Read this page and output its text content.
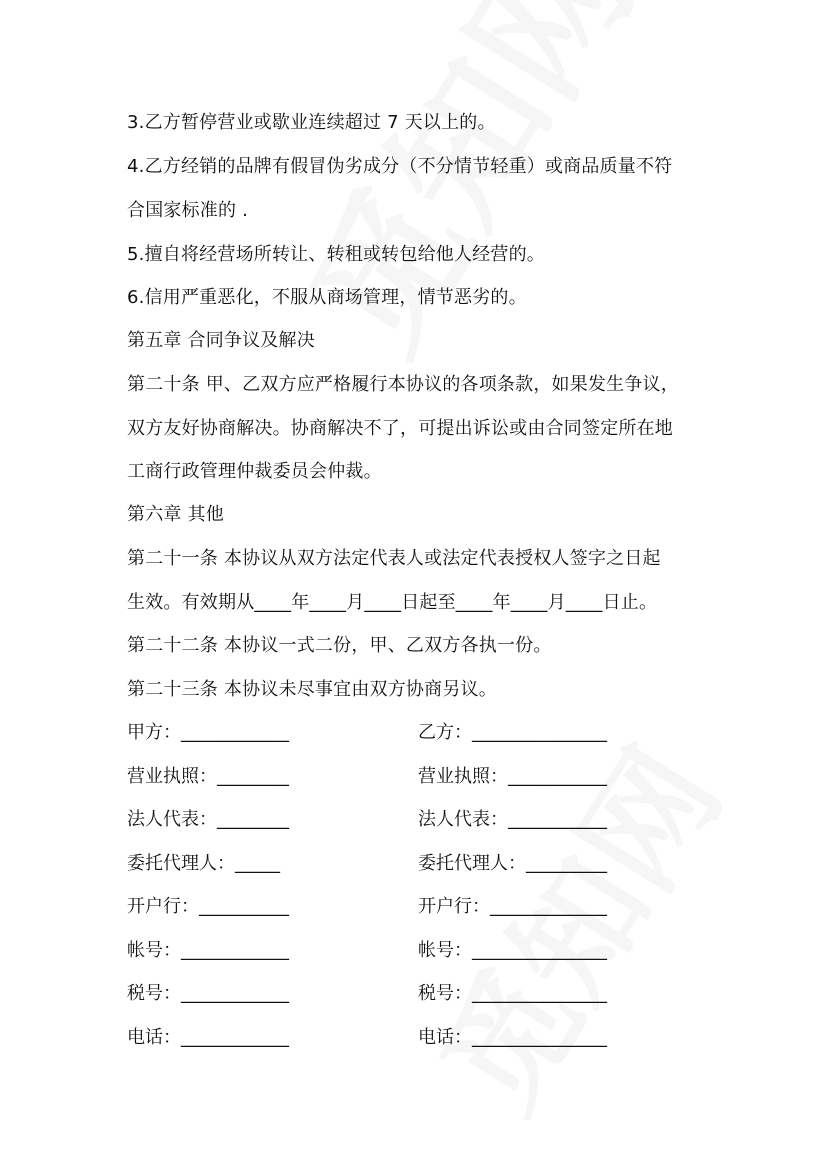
3.乙方暂停营业或歇业连续超过 7 天以上的。
4.乙方经销的品牌有假冒伪劣成分（不分情节轻重）或商品质量不符
合国家标准的 .
5.擅自将经营场所转让、转租或转包给他人经营的。
6.信用严重恶化，不服从商场管理，情节恶劣的。
第五章 合同争议及解决
第二十条 甲、乙双方应严格履行本协议的各项条款，如果发生争议，
双方友好协商解决。协商解决不了，可提出诉讼或由合同签定所在地
工商行政管理仲裁委员会仲裁。
第六章 其他
第二十一条 本协议从双方法定代表人或法定代表授权人签字之日起
生效。有效期从____年____月____日起至____年____月____日止。
第二十二条 本协议一式二份，甲、乙双方各执一份。
第二十三条 本协议未尽事宜由双方协商另议。
甲方：____________	乙方：_______________
营业执照：________	营业执照：___________
法人代表：________	法人代表：___________
委托代理人：_____	委托代理人：_________
开户行：__________	开户行：_____________
帐号：____________	帐号：_______________
税号：____________	税号：_______________
电话：____________	电话：_______________
